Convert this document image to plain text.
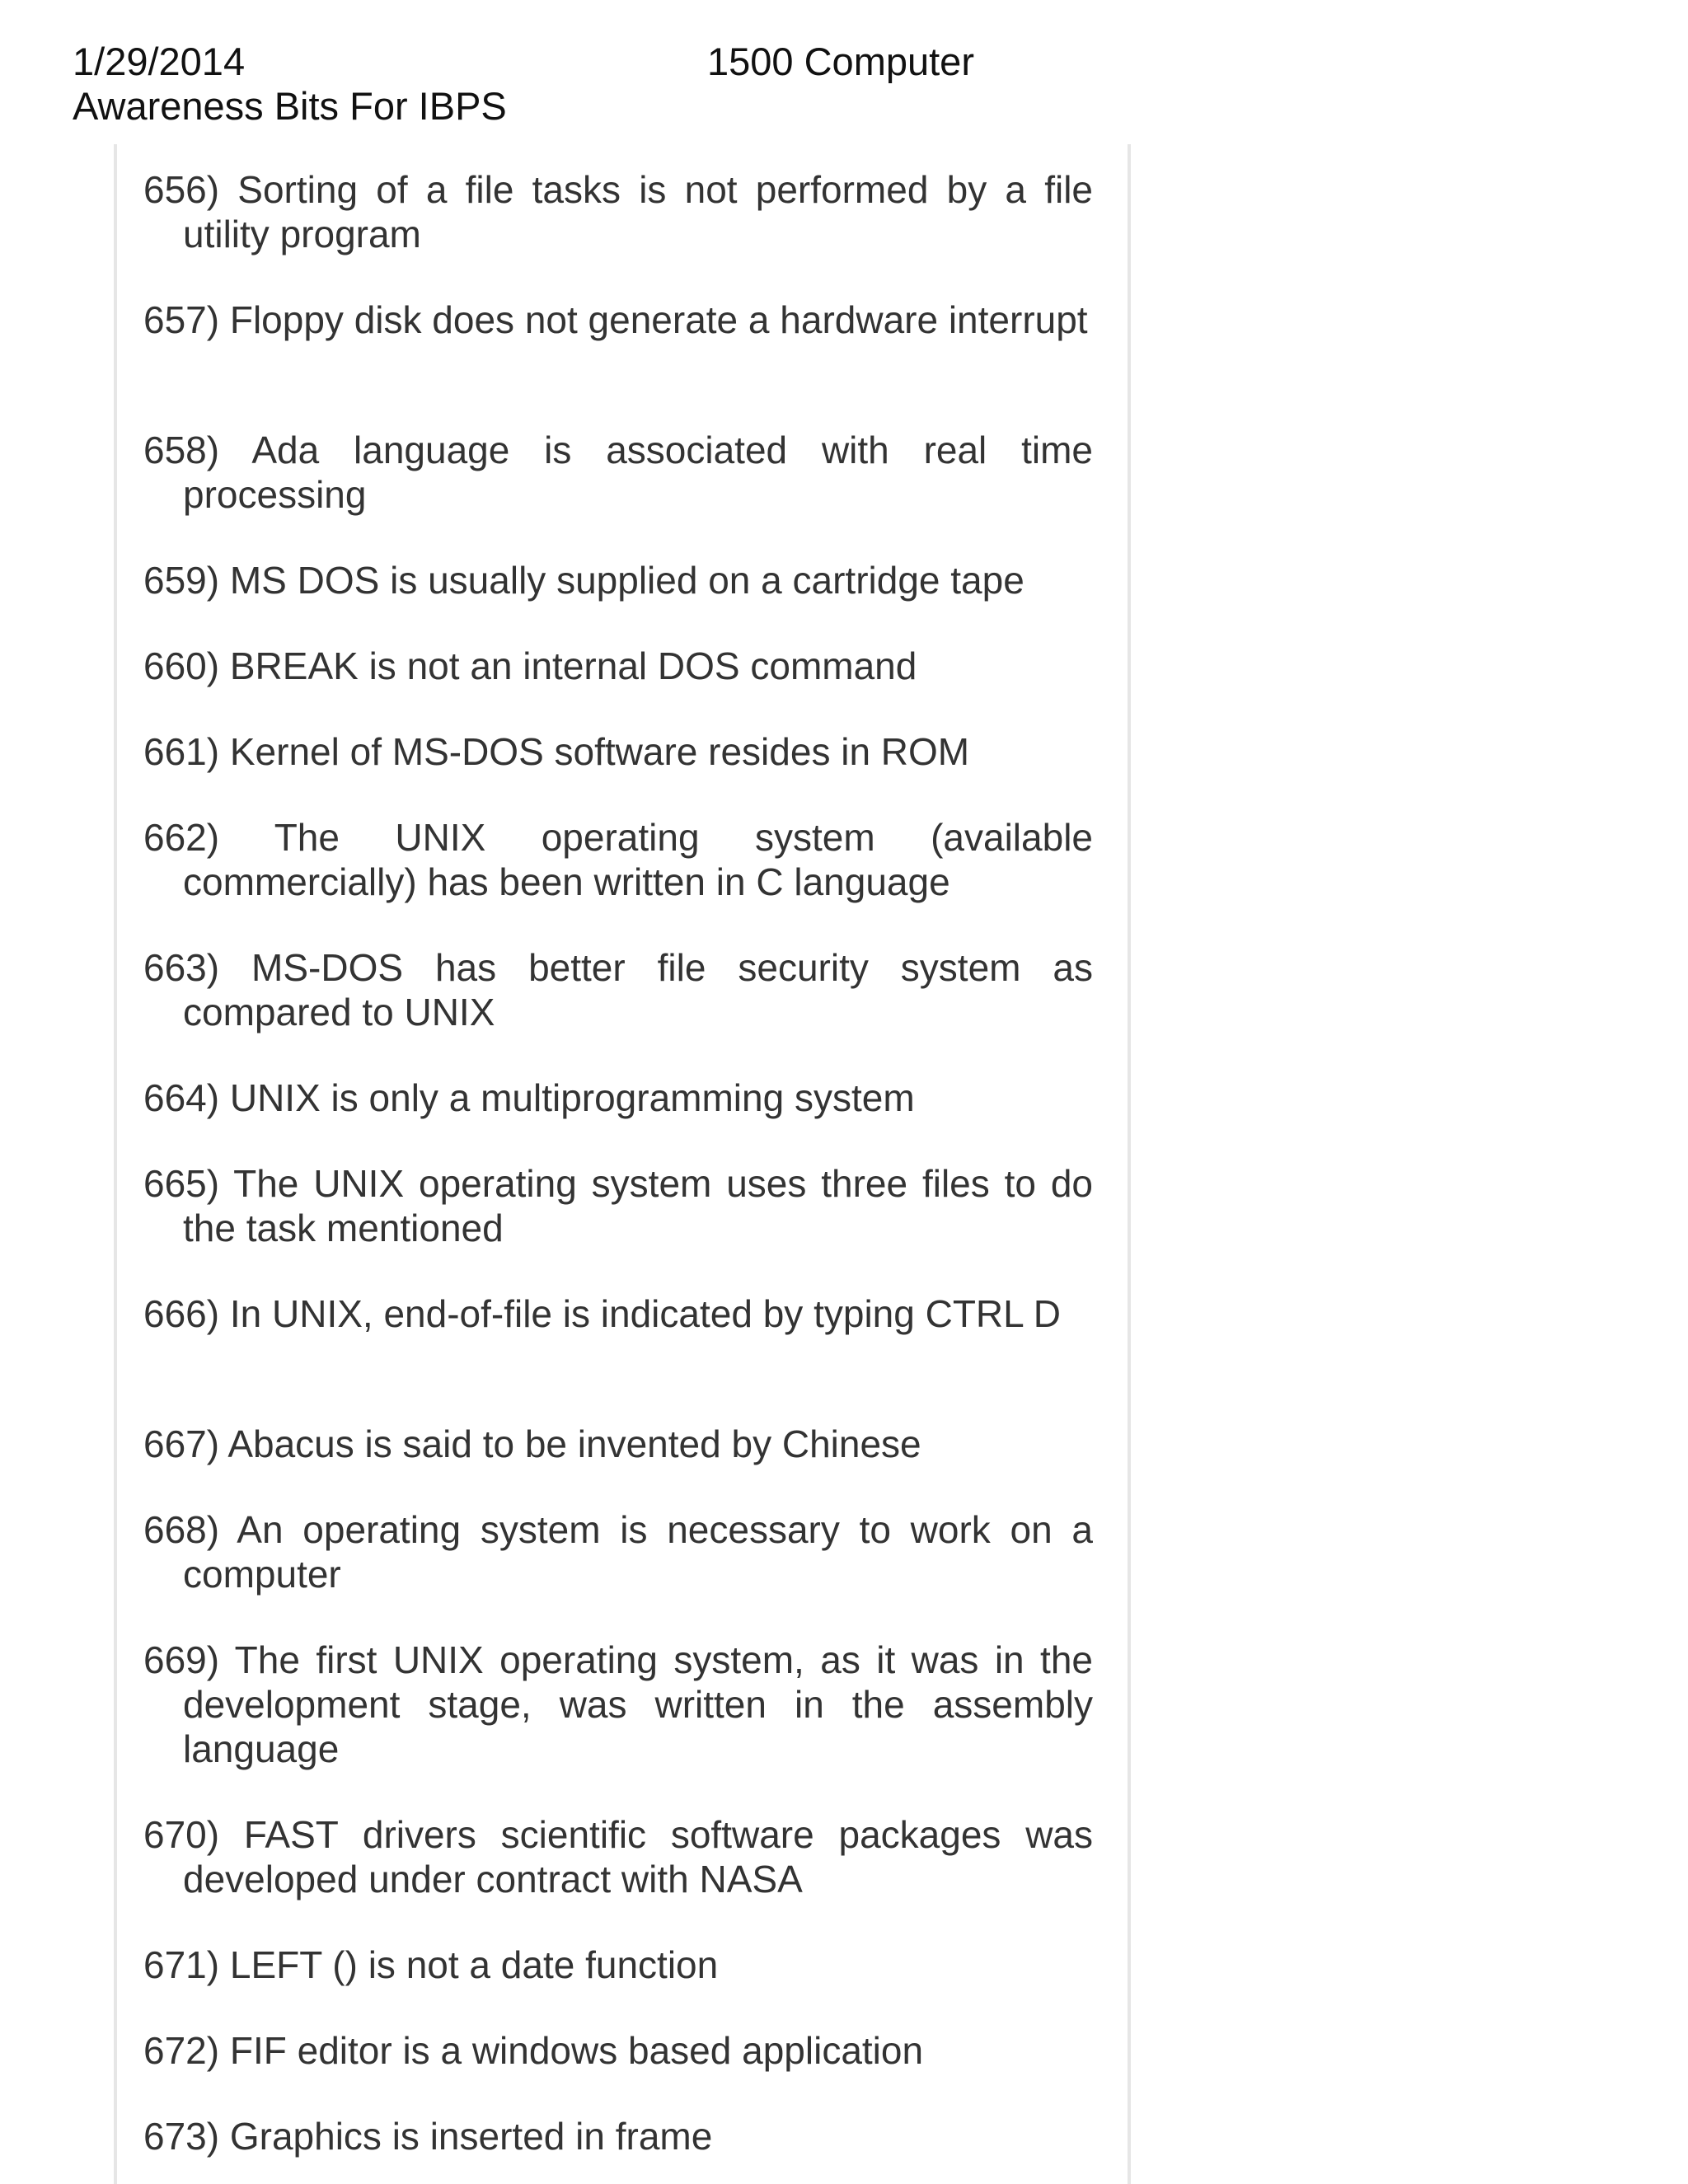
1/29/2014	1500 Computer
Awareness Bits For IBPS
656) Sorting of a file tasks is not performed by a file utility program
657) Floppy disk does not generate a hardware interrupt
658) Ada language is associated with real time processing
659) MS DOS is usually supplied on a cartridge tape
660) BREAK is not an internal DOS command
661) Kernel of MS-DOS software resides in ROM
662) The UNIX operating system (available commercially) has been written in C language
663) MS-DOS has better file security system as compared to UNIX
664) UNIX is only a multiprogramming system
665) The UNIX operating system uses three files to do the task mentioned
666) In UNIX, end-of-file is indicated by typing CTRL D
667) Abacus is said to be invented by Chinese
668) An operating system is necessary to work on a computer
669) The first UNIX operating system, as it was in the development stage, was written in the assembly language
670) FAST drivers scientific software packages was developed under contract with NASA
671) LEFT () is not a date function
672) FIF editor is a windows based application
673) Graphics is inserted in frame
